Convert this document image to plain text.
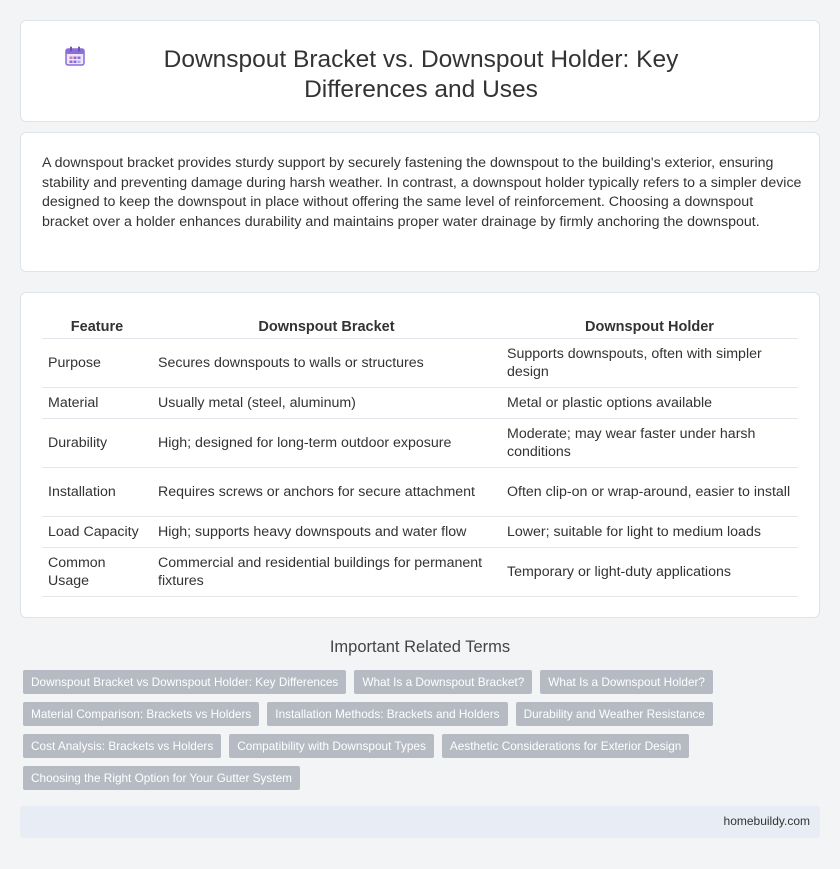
Downspout Bracket vs. Downspout Holder: Key Differences and Uses

A downspout bracket provides sturdy support by securely fastening the downspout to the building's exterior, ensuring stability and preventing damage during harsh weather. In contrast, a downspout holder typically refers to a simpler device designed to keep the downspout in place without offering the same level of reinforcement. Choosing a downspout bracket over a holder enhances durability and maintains proper water drainage by firmly anchoring the downspout.

Feature	Downspout Bracket	Downspout Holder
Purpose	Secures downspouts to walls or structures	Supports downspouts, often with simpler design
Material	Usually metal (steel, aluminum)	Metal or plastic options available
Durability	High; designed for long-term outdoor exposure	Moderate; may wear faster under harsh conditions
Installation	Requires screws or anchors for secure attachment	Often clip-on or wrap-around, easier to install
Load Capacity	High; supports heavy downspouts and water flow	Lower; suitable for light to medium loads
Common Usage	Commercial and residential buildings for permanent fixtures	Temporary or light-duty applications
Important Related Terms
Downspout Bracket vs Downspout Holder: Key Differences	What Is a Downspout Bracket?	What Is a Downspout Holder?
Material Comparison: Brackets vs Holders	Installation Methods: Brackets and Holders	Durability and Weather Resistance
Cost Analysis: Brackets vs Holders	Compatibility with Downspout Types	Aesthetic Considerations for Exterior Design
Choosing the Right Option for Your Gutter System
homebuildy.com
